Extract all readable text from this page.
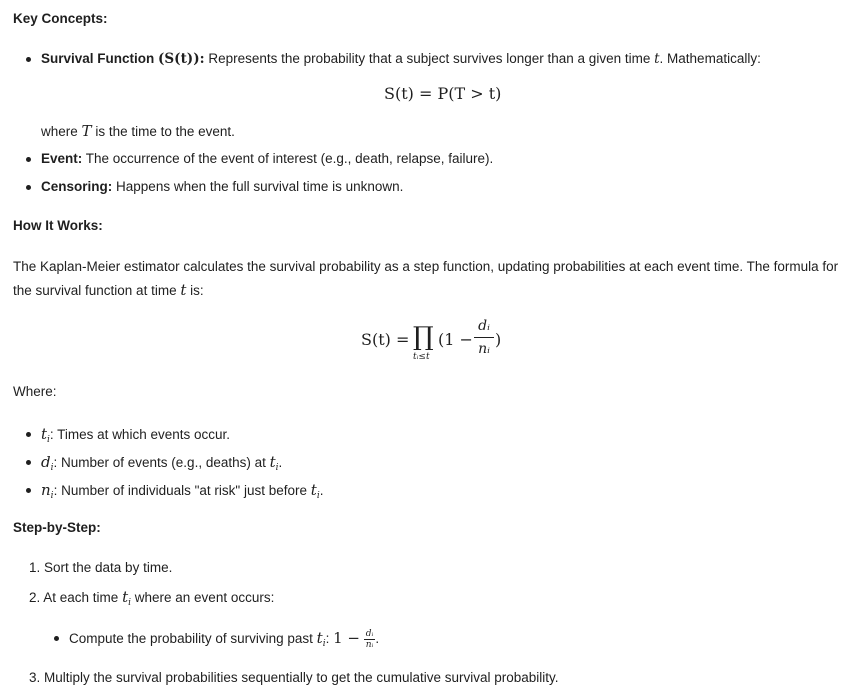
Key Concepts:
Survival Function (S(t)): Represents the probability that a subject survives longer than a given time t. Mathematically:
S(t) = P(T > t)
where T is the time to the event.
Event: The occurrence of the event of interest (e.g., death, relapse, failure).
Censoring: Happens when the full survival time is unknown.
How It Works:
The Kaplan-Meier estimator calculates the survival probability as a step function, updating probabilities at each event time. The formula for
the survival function at time t is:
S(t) = ∏
tᵢ≤t
(1 −
dᵢ
nᵢ )
Where:
$t_i$: Times at which events occur.
$d_i$: Number of events (e.g., deaths) at $t_i$.
$n_i$: Number of individuals "at risk" just before $t_i$.
Step-by-Step:
1. Sort the data by time.
2. At each time $t_i$ where an event occurs:
Compute the probability of surviving past $t_i$: $1 - \frac{\text{dᵢ}}{\text{nᵢ}}$ .
3. Multiply the survival probabilities sequentially to get the cumulative survival probability.
